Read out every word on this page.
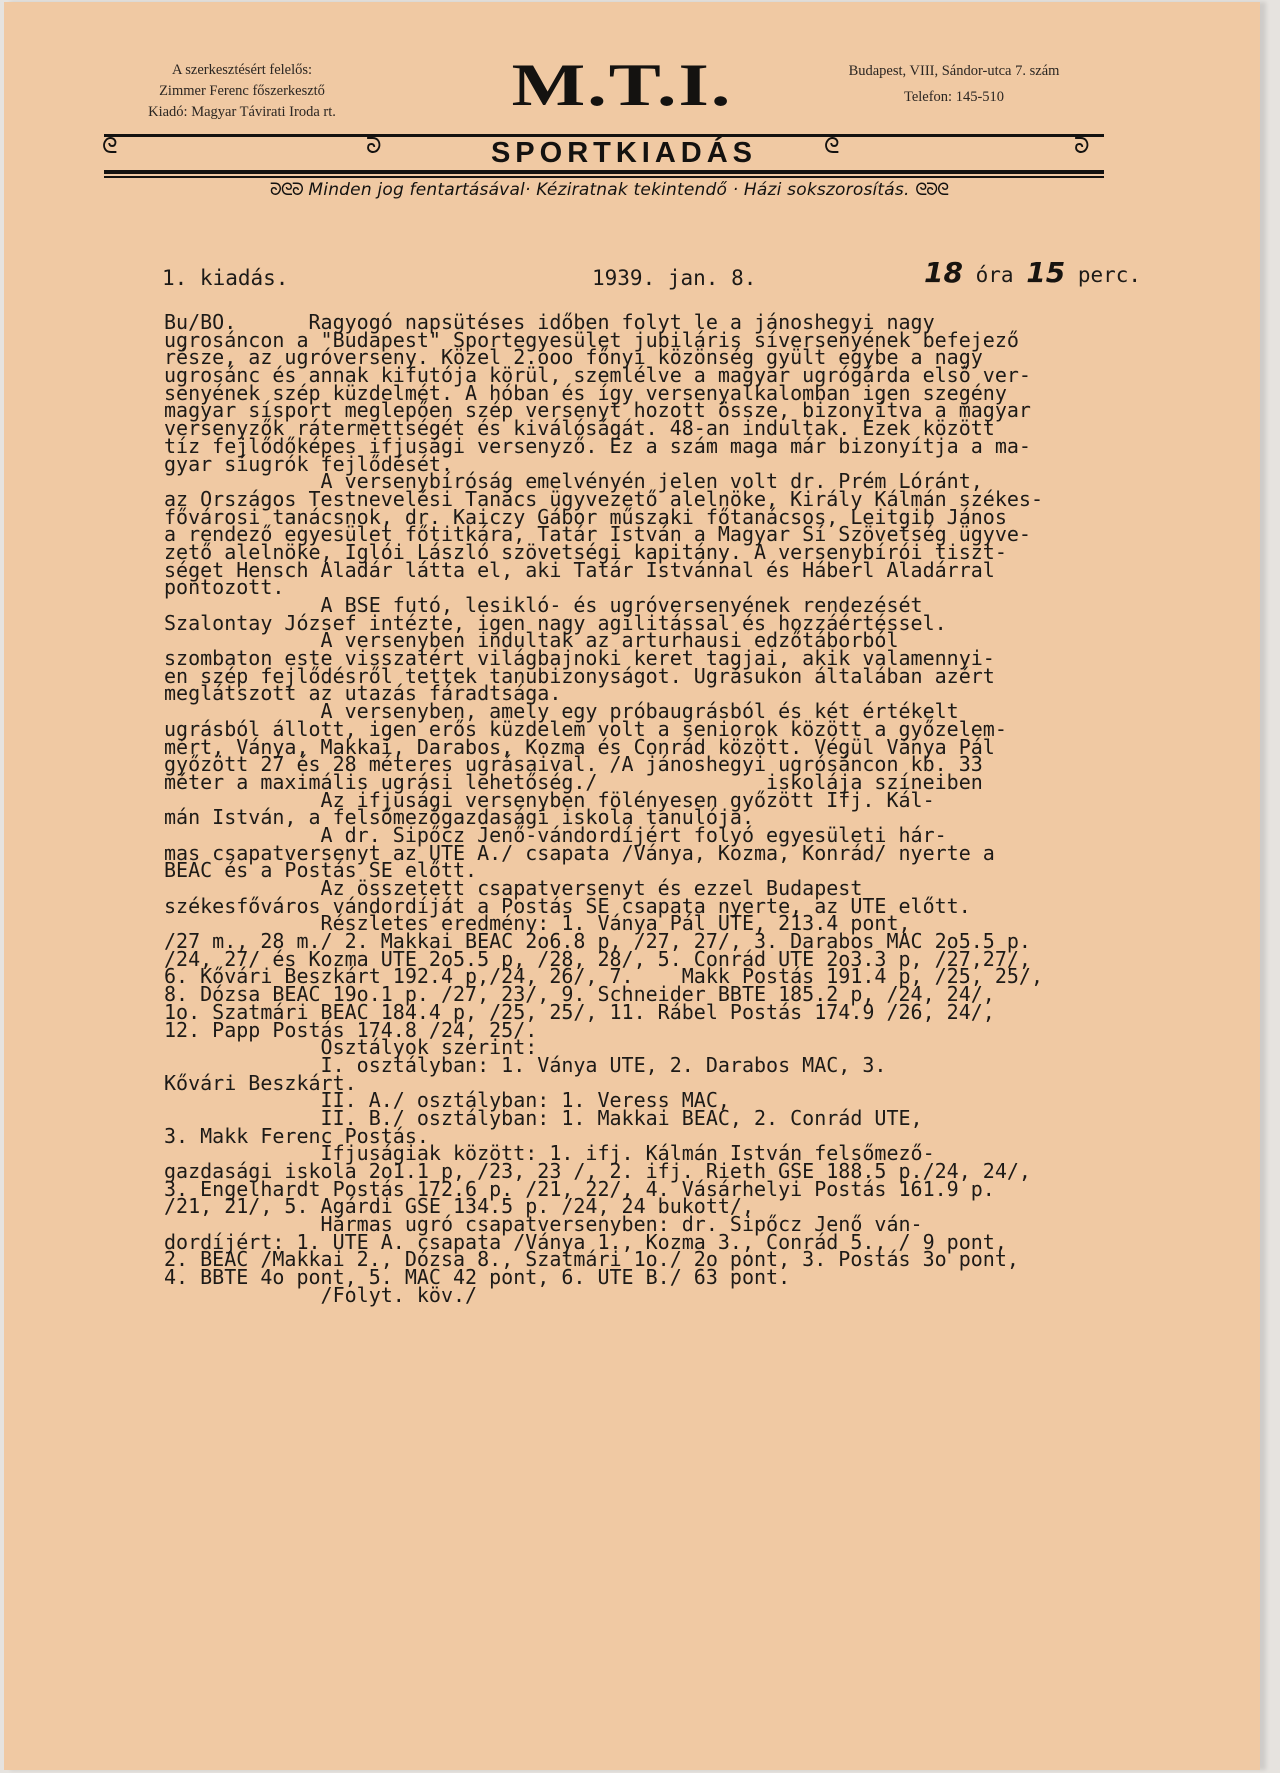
A szerkesztésért felelős:
Zimmer Ferenc főszerkesztő
Kiadó: Magyar Távirati Iroda rt.	M.T.I.	Budapest, VIII, Sándor-utca 7. szám
Telefon: 145-510
ᘓ	ᘐ	SPORTKIADÁS	ᘓ	ᘐ
ᘐᘓᘐ Minden jog fentartásával· Kéziratnak tekintendő · Házi sokszorosítás. ᘓᘐᘓ
1. kiadás.	1939. jan. 8.	18 óra 15 perc.
Bu/BO.      Ragyogó napsütéses időben folyt le a jánoshegyi nagy
ugrosáncon a "Budapest" Sportegyesület jubiláris síversenyének befejező
része, az ugróverseny. Közel 2.ooo főnyi közönség gyült egybe a nagy
ugrosánc és annak kifutója körül, szemlélve a magyar ugrógárda első ver-
senyének szép küzdelmét. A hóban és így versenyalkalomban igen szegény
magyar sísport meglepően szép versenyt hozott össze, bizonyítva a magyar
versenyzők rátermettségét és kiválóságát. 48-an indultak. Ezek között
tíz fejlődőképes ifjusági versenyző. Ez a szám maga már bizonyítja a ma-
gyar síugrók fejlődését.
A versenybíróság emelvényén jelen volt dr. Prém Lóránt,
az Országos Testnevelési Tanács ügyvezető alelnöke, Király Kálmán székes-
fővárosi tanácsnok, dr. Kaiczy Gábor műszaki főtanácsos, Leitgib János
a rendező egyesület főtitkára, Tatár István a Magyar Sí Szövetség ügyve-
zető alelnöke, Iglói László szövetségi kapitány. A versenybírói tiszt-
séget Hensch Aladár látta el, aki Tatár Istvánnal és Háberl Aladárral
pontozott.
A BSE futó, lesikló- és ugróversenyének rendezését
Szalontay József intézte, igen nagy agilitással és hozzáértéssel.
A versenyben indultak az arturhausi edzőtáborból
szombaton este visszatért világbajnoki keret tagjai, akik valamennyi-
en szép fejlődésről tettek tanubizonyságot. Ugrásukon általában azért
meglátszott az utazás fáradtsága.
A versenyben, amely egy próbaugrásból és két értékelt
ugrásból állott, igen erős küzdelem volt a seniorok között a győzelem-
mért, Ványa, Makkai, Darabos, Kozma és Conrád között. Végül Ványa Pál
győzött 27 és 28 méteres ugrásaival. /A jánoshegyi ugrósáncon kb. 33
méter a maximális ugrási lehetőség./              iskolája színeiben
Az ifjusági versenyben fölényesen győzött Ifj. Kál-
mán István, a felsőmezőgazdasági iskola tanulója.
A dr. Sipőcz Jenő-vándordíjért folyó egyesületi hár-
mas csapatversenyt az UTE A./ csapata /Ványa, Kozma, Konrád/ nyerte a
BEAC és a Postás SE előtt.
Az összetett csapatversenyt és ezzel Budapest
székesfőváros vándordíját a Postás SE csapata nyerte, az UTE előtt.
Részletes eredmény: 1. Ványa Pál UTE, 213.4 pont,
/27 m., 28 m./ 2. Makkai BEAC 2o6.8 p, /27, 27/, 3. Darabos MAC 2o5.5 p.
/24, 27/ és Kozma UTE 2o5.5 p, /28, 28/, 5. Conrád UTE 2o3.3 p, /27,27/,
6. Kővári Beszkárt 192.4 p,/24, 26/, 7.    Makk Postás 191.4 p, /25, 25/,
8. Dózsa BEAC 19o.1 p. /27, 23/, 9. Schneider BBTE 185.2 p, /24, 24/,
1o. Szatmári BEAC 184.4 p, /25, 25/, 11. Rábel Postás 174.9 /26, 24/,
12. Papp Postás 174.8 /24, 25/.
Osztályok szerint:
I. osztályban: 1. Ványa UTE, 2. Darabos MAC, 3.
Kővári Beszkárt.
II. A./ osztályban: 1. Veress MAC,
II. B./ osztályban: 1. Makkai BEAC, 2. Conrád UTE,
3. Makk Ferenc Postás.
Ifjuságiak között: 1. ifj. Kálmán István felsőmező-
gazdasági iskola 2o1.1 p, /23, 23 /, 2. ifj. Rieth GSE 188.5 p./24, 24/,
3. Engelhardt Postás 172.6 p. /21, 22/, 4. Vásárhelyi Postás 161.9 p.
/21, 21/, 5. Agárdi GSE 134.5 p. /24, 24 bukott/,
Hármas ugró csapatversenyben: dr. Sipőcz Jenő ván-
dordíjért: 1. UTE A. csapata /Ványa 1., Kozma 3., Conrád 5., / 9 pont,
2. BEAC /Makkai 2., Dózsa 8., Szatmári 1o./ 2o pont, 3. Postás 3o pont,
4. BBTE 4o pont, 5. MAC 42 pont, 6. UTE B./ 63 pont.
/Folyt. köv./
